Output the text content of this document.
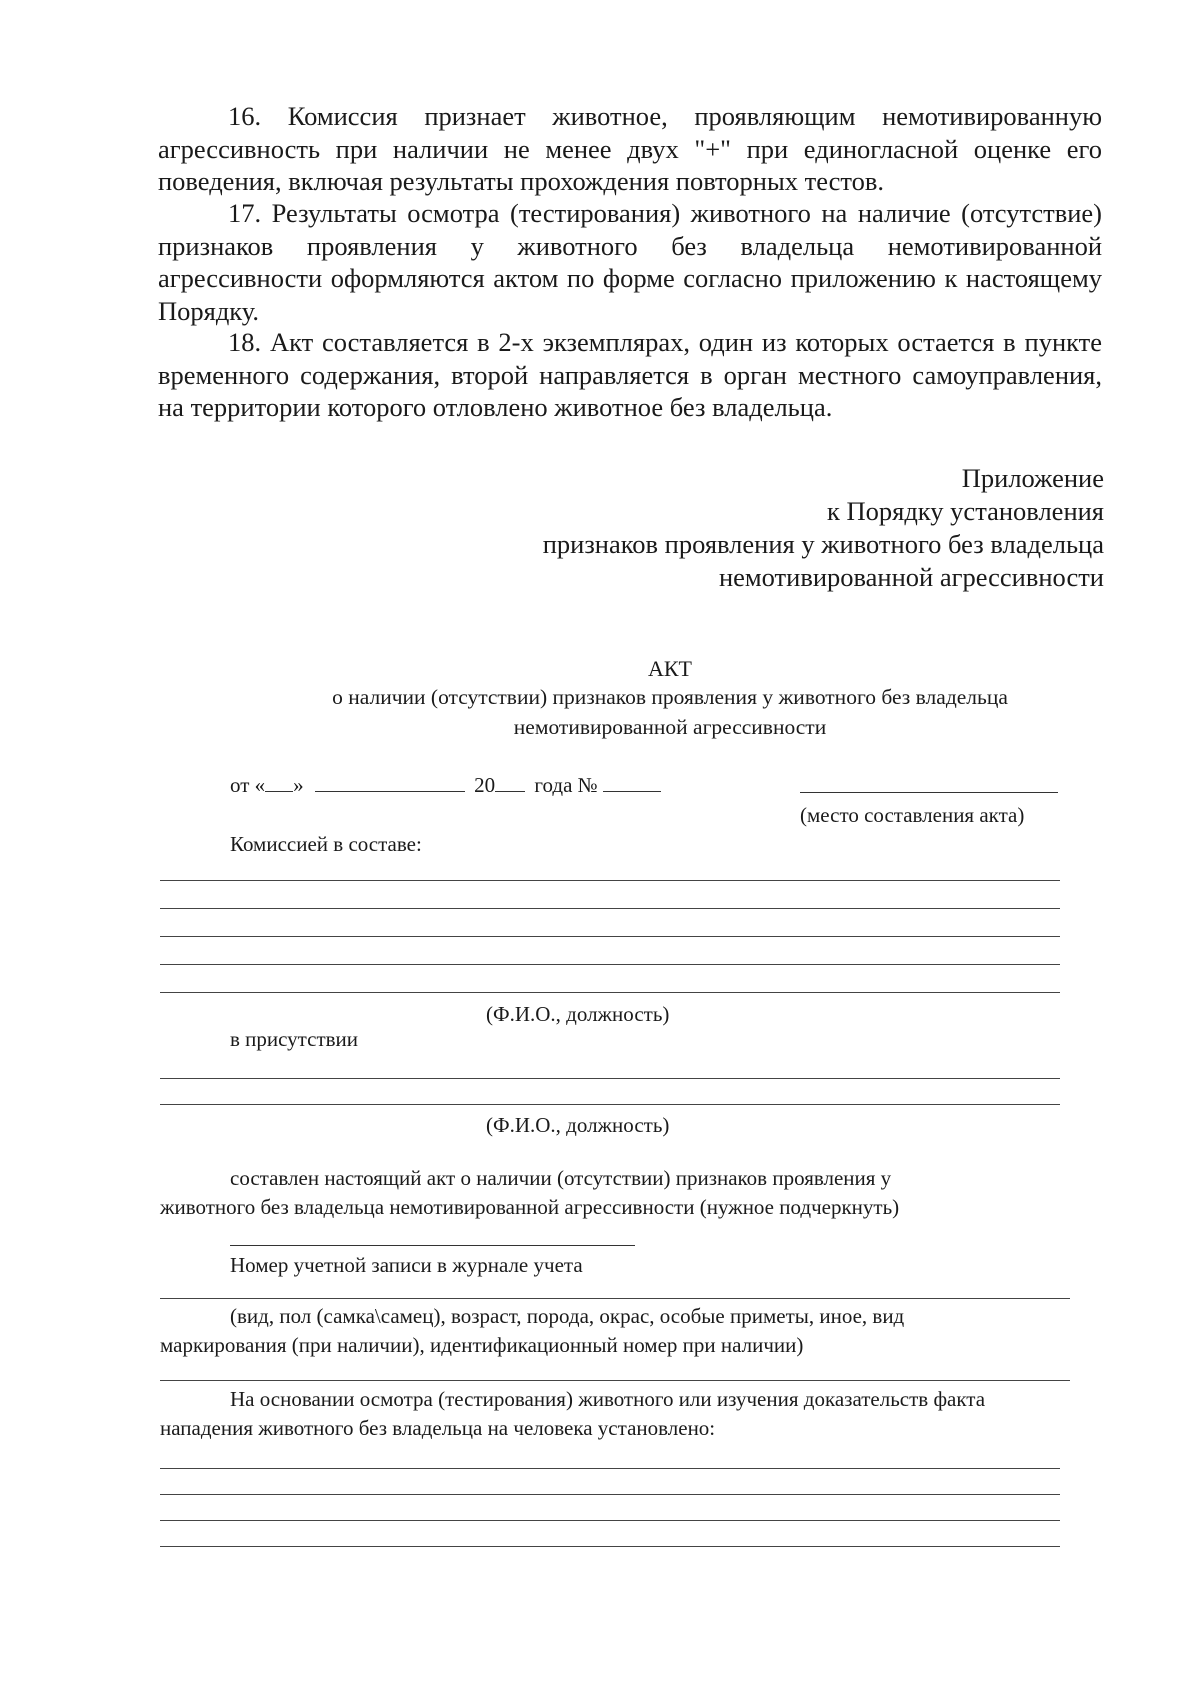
16. Комиссия признает животное, проявляющим немотивированную агрессивность при наличии не менее двух "+" при единогласной оценке его поведения, включая результаты прохождения повторных тестов.
17. Результаты осмотра (тестирования) животного на наличие (отсутствие) признаков проявления у животного без владельца немотивированной агрессивности оформляются актом по форме согласно приложению к настоящему Порядку.
18. Акт составляется в 2-х экземплярах, один из которых остается в пункте временного содержания, второй направляется в орган местного самоуправления, на территории которого отловлено животное без владельца.
Приложение
к Порядку установления
признаков проявления у животного без владельца
немотивированной агрессивности
АКТ
о наличии (отсутствии) признаков проявления у животного без владельца
немотивированной агрессивности
от « »	20 года №
(место составления акта)
Комиссией в составе:
(Ф.И.О., должность)
в присутствии
(Ф.И.О., должность)
составлен настоящий акт о наличии (отсутствии) признаков проявления у
животного без владельца немотивированной агрессивности (нужное подчеркнуть)
Номер учетной записи в журнале учета
(вид, пол (самка\самец), возраст, порода, окрас, особые приметы, иное, вид
маркирования (при наличии), идентификационный номер при наличии)
На основании осмотра (тестирования) животного или изучения доказательств факта
нападения животного без владельца на человека установлено:
